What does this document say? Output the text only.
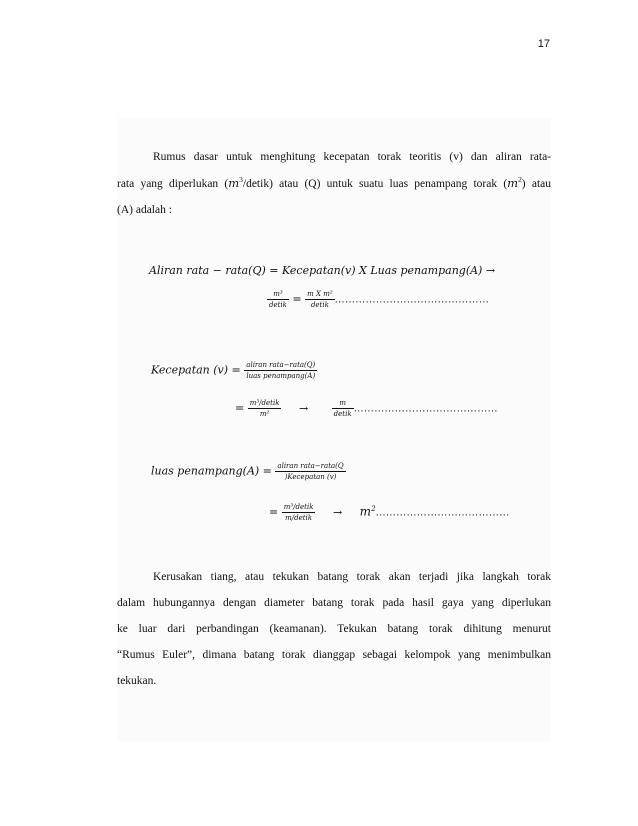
17
Rumus dasar untuk menghitung kecepatan torak teoritis (v) dan aliran rata-
rata yang diperlukan $(m^3/detik)$ atau (Q) untuk suatu luas penampang torak $(m^2)$ atau
(A) adalah :
Aliran rata − rata(Q) = Kecepatan(v) X Luas penampang(A) →
$\frac{\text{m³}}{\text{detik}} = \frac{\text{m X m²}}{\text{detik}}$ ………………………………………
Kecepatan $(v) = \frac{\text{aliran rata−rata(Q)}}{\text{luas penampang(A)}}$
= $\frac{\text{m³/detik}}{\text{m²}}$ →	$\frac{m}{\text{detik}}$ ……………………………………
luas penampang(A) = $\frac{\text{aliran rata−rata(Q}}{\text{)Kecepatan (v)}}$
= $\frac{\text{m³/detik}}{\text{m/detik}}$ → $m^2\dots\dots\dots\dots\dots\dots\dots\dots\dots\dots\dots\dots\dots$
Kerusakan tiang, atau tekukan batang torak akan terjadi jika langkah torak
dalam hubungannya dengan diameter batang torak pada hasil gaya yang diperlukan
ke luar dari perbandingan (keamanan). Tekukan batang torak dihitung menurut
“Rumus Euler”, dimana batang torak dianggap sebagai kelompok yang menimbulkan
tekukan.
